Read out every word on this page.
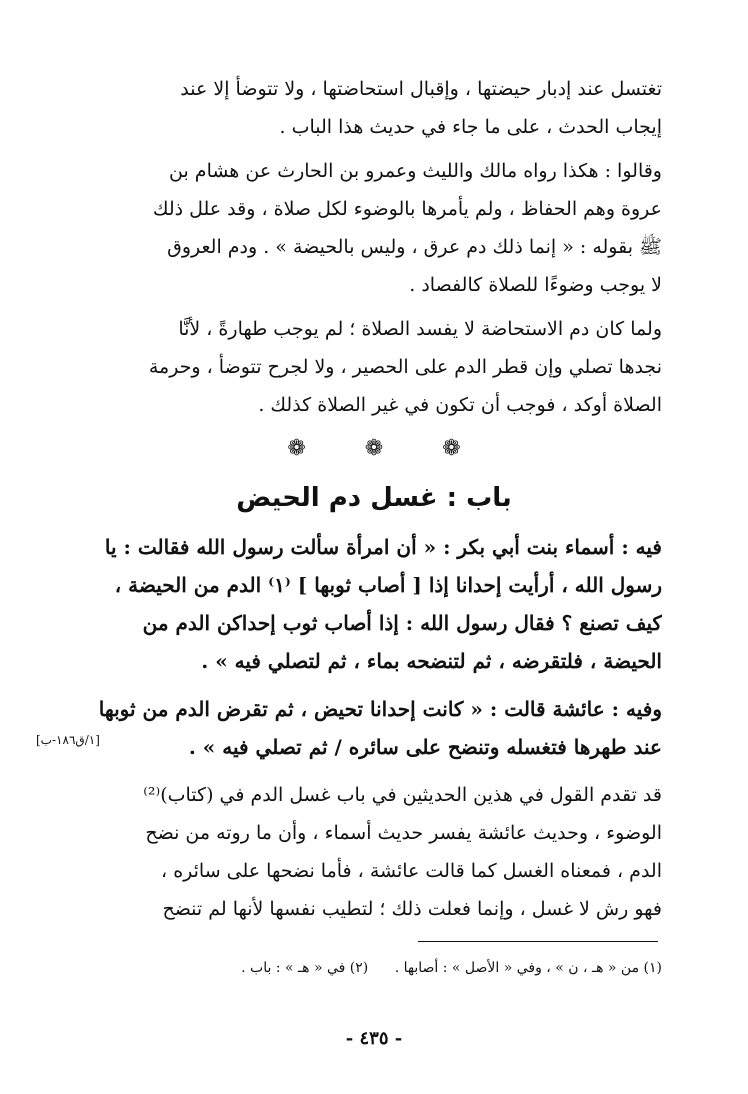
تغتسل عند إدبار حيضتها ، وإقبال استحاضتها ، ولا تتوضأ إلا عند
إيجاب الحدث ، على ما جاء في حديث هذا الباب .
وقالوا : هكذا رواه مالك والليث وعمرو بن الحارث عن هشام بن
عروة وهم الحفاظ ، ولم يأمرها بالوضوء لكل صلاة ، وقد علل ذلك
ﷺ بقوله : « إنما ذلك دم عرق ، وليس بالحيضة » . ودم العروق
لا يوجب وضوءًا للصلاة كالفصاد .
ولما كان دم الاستحاضة لا يفسد الصلاة ؛ لم يوجب طهارةً ، لأنَّا
نجدها تصلي وإن قطر الدم على الحصير ، ولا لجرح تتوضأ ، وحرمة
الصلاة أوكد ، فوجب أن تكون في غير الصلاة كذلك .
❁	❁	❁
باب : غسل دم الحيض
فيه : أسماء بنت أبي بكر : « أن امرأة سألت رسول الله فقالت : يا
رسول الله ، أرأيت إحدانا إذا [ أصاب ثوبها ] ⁽١⁾ الدم من الحيضة ،
كيف تصنع ؟ فقال رسول الله : إذا أصاب ثوب إحداكن الدم من
الحيضة ، فلتقرضه ، ثم لتنضحه بماء ، ثم لتصلي فيه » .
وفيه : عائشة قالت : « كانت إحدانا تحيض ، ثم تقرض الدم من ثوبها
عند طهرها فتغسله وتنضح على سائره / ثم تصلي فيه » .
[١/ق١٨٦-ب]
قد تقدم القول في هذين الحديثين في باب غسل الدم في (كتاب)⁽²⁾
الوضوء ، وحديث عائشة يفسر حديث أسماء ، وأن ما روته من نضح
الدم ، فمعناه الغسل كما قالت عائشة ، فأما نضحها على سائره ،
فهو رش لا غسل ، وإنما فعلت ذلك ؛ لتطيب نفسها لأنها لم تنضح
(١) من « هـ ، ن » ، وفي « الأصل » : أصابها . (٢) في « هـ » : باب .
- ٤٣٥ -
